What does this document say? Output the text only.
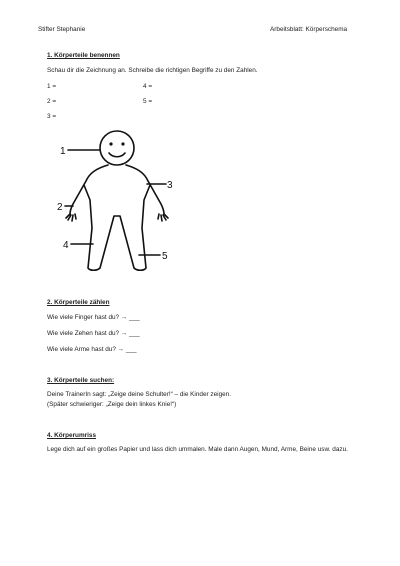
Stifter Stephanie	Arbeitsblatt: Körperschema
1. Körperteile benennen
Schau dir die Zeichnung an. Schreibe die richtigen Begriffe zu den Zahlen.
1 =
2 =
3 =
4 =
5 =
1
2
3
4
5
2. Körperteile zählen
Wie viele Finger hast du? → ___
Wie viele Zehen hast du? → ___
Wie viele Arme hast du? → ___
3. Körperteile suchen:
Deine TrainerIn sagt: „Zeige deine Schulter!“ – die Kinder zeigen.
(Später schwieriger: „Zeige dein linkes Knie!“)
4. Körperumriss
Lege dich auf ein großes Papier und lass dich ummalen. Male dann Augen, Mund, Arme, Beine usw. dazu.
